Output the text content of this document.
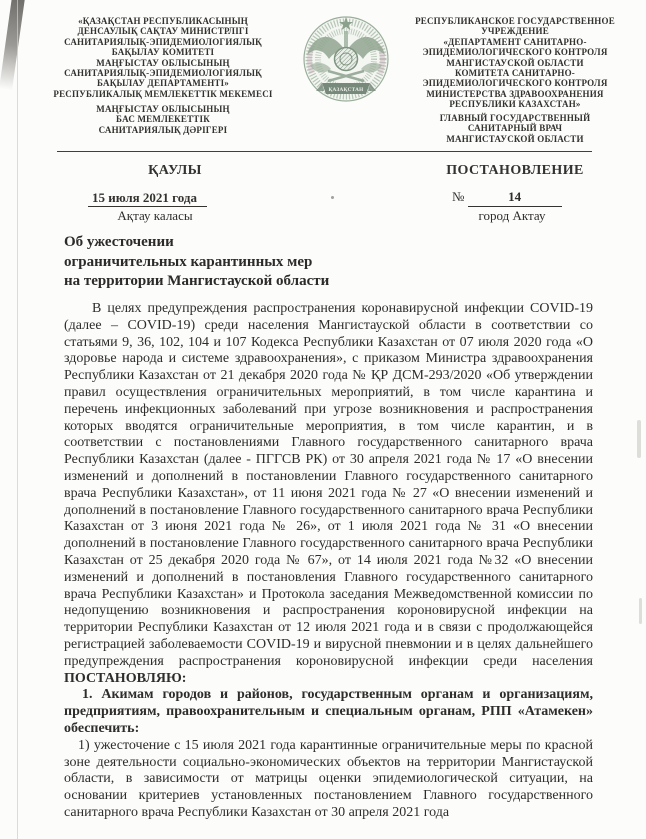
«ҚАЗАҚСТАН РЕСПУБЛИКАСЫНЫҢ
ДЕНСАУЛЫҚ САҚТАУ МИНИСТРЛІГІ
САНИТАРИЯЛЫҚ-ЭПИДЕМИОЛОГИЯЛЫҚ
БАҚЫЛАУ КОМИТЕТІ
МАҢҒЫСТАУ ОБЛЫСЫНЫҢ
САНИТАРИЯЛЫҚ-ЭПИДЕМИОЛОГИЯЛЫҚ
БАҚЫЛАУ ДЕПАРТАМЕНТІ»
РЕСПУБЛИКАЛЫҚ МЕМЛЕКЕТТІК МЕКЕМЕСІ
МАҢҒЫСТАУ ОБЛЫСЫНЫҢ
БАС МЕМЛЕКЕТТІК
САНИТАРИЯЛЫҚ ДӘРІГЕРІ
ҚАЗАҚСТАН
РЕСПУБЛИКАНСКОЕ ГОСУДАРСТВЕННОЕ
УЧРЕЖДЕНИЕ
«ДЕПАРТАМЕНТ САНИТАРНО-
ЭПИДЕМИОЛОГИЧЕСКОГО КОНТРОЛЯ
МАНГИСТАУСКОЙ ОБЛАСТИ
КОМИТЕТА САНИТАРНО-
ЭПИДЕМИОЛОГИЧЕСКОГО КОНТРОЛЯ
МИНИСТЕРСТВА ЗДРАВООХРАНЕНИЯ
РЕСПУБЛИКИ КАЗАХСТАН»
ГЛАВНЫЙ ГОСУДАРСТВЕННЫЙ
САНИТАРНЫЙ ВРАЧ
МАНГИСТАУСКОЙ ОБЛАСТИ
ҚАУЛЫ	ПОСТАНОВЛЕНИЕ
15 июля 2021 года
Ақтау каласы
№	14
город Актау
Об ужесточении
ограничительных карантинных мер
на территории Мангистауской области

В целях предупреждения распространения коронавирусной инфекции COVID-19 (далее – COVID-19) среди населения Мангистауской области в соответствии со статьями 9, 36, 102, 104 и 107 Кодекса Республики Казахстан от 07 июля 2020 года «О здоровье народа и системе здравоохранения», с приказом Министра здравоохранения Республики Казахстан от 21 декабря 2020 года № ҚР ДСМ-293/2020 «Об утверждении правил осуществления ограничительных мероприятий, в том числе карантина и перечень инфекционных заболеваний при угрозе возникновения и распространения которых вводятся ограничительные мероприятия, в том числе карантин, и в соответствии с постановлениями Главного государственного санитарного врача Республики Казахстан (далее - ПГГСВ РК) от 30 апреля 2021 года № 17 «О внесении изменений и дополнений в постановлении Главного государственного санитарного врача Республики Казахстан», от 11 июня 2021 года № 27 «О внесении изменений и дополнений в постановление Главного государственного санитарного врача Республики Казахстан от 3 июня 2021 года № 26», от 1 июля 2021 года № 31 «О внесении дополнений в постановление Главного государственного санитарного врача Республики Казахстан от 25 декабря 2020 года № 67», от 14 июля 2021 года №32 «О внесении изменений и дополнений в постановления Главного государственного санитарного врача Республики Казахстан» и Протокола заседания Межведомственной комиссии по недопущению возникновения и распространения короновирусной инфекции на территории Республики Казахстан от 12 июля 2021 года и в связи с продолжающейся регистрацией заболеваемости COVID-19 и вирусной пневмонии и в целях дальнейшего предупреждения распространения коронoвирусной инфекции среди населения ПОСТАНОВЛЯЮ:

1. Акимам городов и районов, государственным органам и организациям, предприятиям, правоохранительным и специальным органам, РПП «Атамекен» обеспечить:

1) ужесточение с 15 июля 2021 года карантинные ограничительные меры по красной зоне деятельности социально-экономических объектов на территории Мангистауской области, в зависимости от матрицы оценки эпидемиологической ситуации, на основании критериев установленных постановлением Главного государственного санитарного врача Республики Казахстан от 30 апреля 2021 года
